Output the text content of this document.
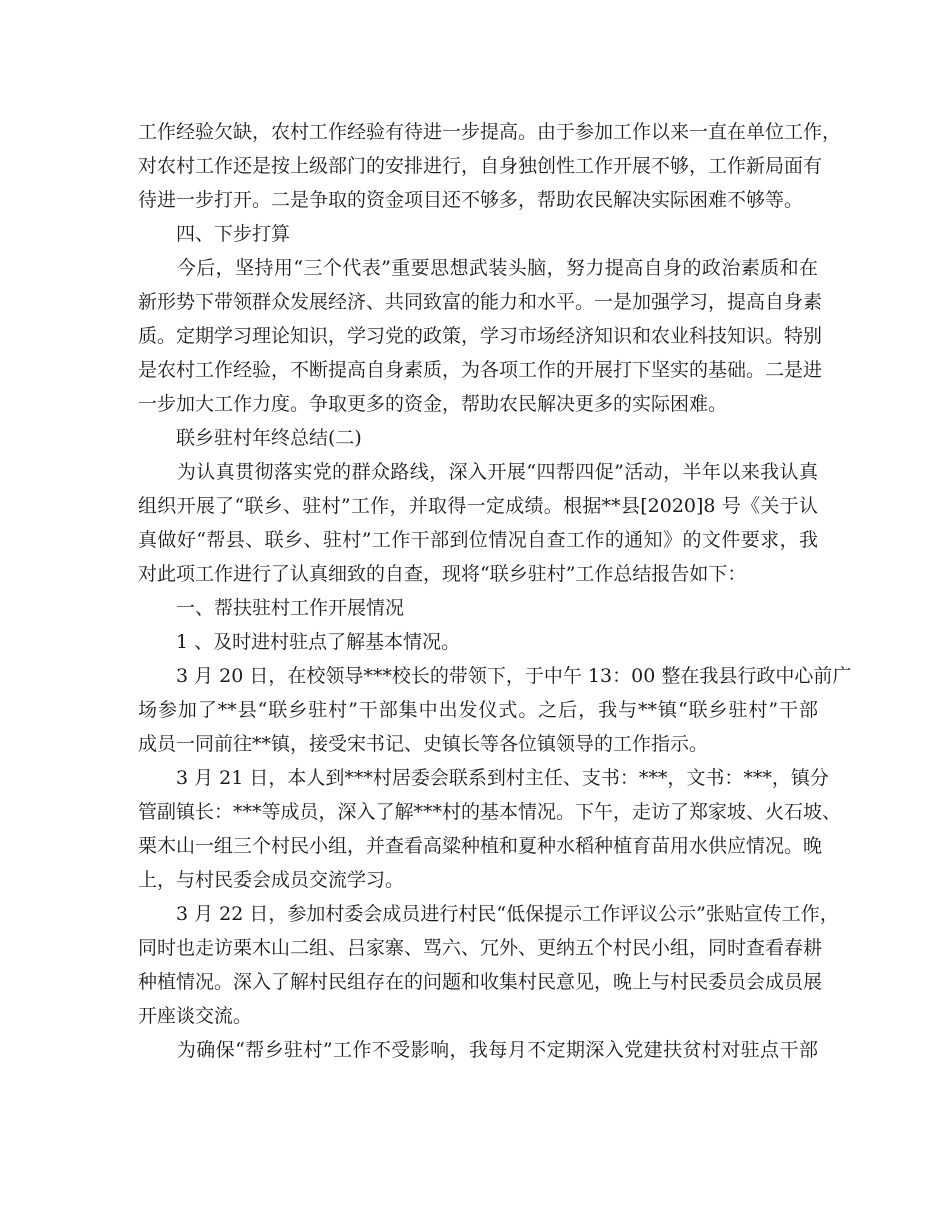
工作经验欠缺，农村工作经验有待进一步提高。由于参加工作以来一直在单位工作，
对农村工作还是按上级部门的安排进行，自身独创性工作开展不够，工作新局面有
待进一步打开。二是争取的资金项目还不够多，帮助农民解决实际困难不够等。
　　四、下步打算
　　今后，坚持用“三个代表”重要思想武装头脑，努力提高自身的政治素质和在
新形势下带领群众发展经济、共同致富的能力和水平。一是加强学习，提高自身素
质。定期学习理论知识，学习党的政策，学习市场经济知识和农业科技知识。特别
是农村工作经验，不断提高自身素质，为各项工作的开展打下坚实的基础。二是进
一步加大工作力度。争取更多的资金，帮助农民解决更多的实际困难。
　　联乡驻村年终总结(二)
　　为认真贯彻落实党的群众路线，深入开展“四帮四促”活动，半年以来我认真
组织开展了“联乡、驻村”工作，并取得一定成绩。根据**县[2020]8 号《关于认
真做好“帮县、联乡、驻村”工作干部到位情况自查工作的通知》的文件要求，我
对此项工作进行了认真细致的自查，现将“联乡驻村”工作总结报告如下：
　　一、帮扶驻村工作开展情况
　　1 、及时进村驻点了解基本情况。
　　3 月 20 日，在校领导***校长的带领下，于中午 13：00 整在我县行政中心前广
场参加了**县“联乡驻村”干部集中出发仪式。之后，我与**镇“联乡驻村”干部
成员一同前往**镇，接受宋书记、史镇长等各位镇领导的工作指示。
　　3 月 21 日，本人到***村居委会联系到村主任、支书：***，文书：***，镇分
管副镇长：***等成员，深入了解***村的基本情况。下午，走访了郑家坡、火石坡、
栗木山一组三个村民小组，并查看高粱种植和夏种水稻种植育苗用水供应情况。晚
上，与村民委会成员交流学习。
　　3 月 22 日，参加村委会成员进行村民“低保提示工作评议公示”张贴宣传工作，
同时也走访栗木山二组、吕家寨、骂六、冗外、更纳五个村民小组，同时查看春耕
种植情况。深入了解村民组存在的问题和收集村民意见，晚上与村民委员会成员展
开座谈交流。
　　为确保“帮乡驻村”工作不受影响，我每月不定期深入党建扶贫村对驻点干部
